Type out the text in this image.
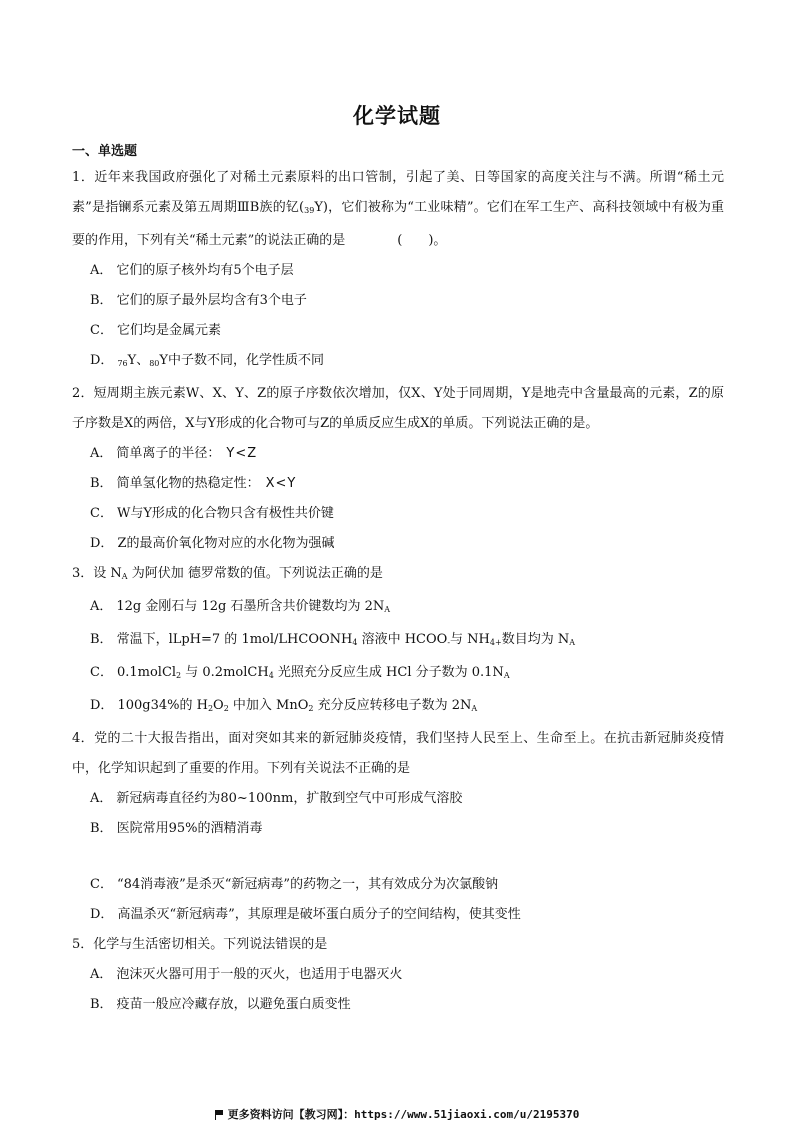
化学试题
一、单选题

1．近年来我国政府强化了对稀土元素原料的出口管制，引起了美、日等国家的高度关注与不满。所谓“稀土元素”是指镧系元素及第五周期ⅢB族的钇$(_{39}Y)$，它们被称为“工业味精”。它们在军工生产、高科技领域中有极为重要的作用，下列有关“稀土元素”的说法正确的是　　　　(　　)。

A． 它们的原子核外均有5个电子层

B． 它们的原子最外层均含有3个电子

C． 它们均是金属元素

D． $_{76}$Y、$_{80}$Y中子数不同，化学性质不同

2．短周期主族元素W、X、Y、Z的原子序数依次增加，仅X、Y处于同周期，Y是地壳中含量最高的元素，Z的原子序数是X的两倍，X与Y形成的化合物可与Z的单质反应生成X的单质。下列说法正确的是。

A． 简单离子的半径： Y<Z

B． 简单氢化物的热稳定性： X<Y

C． W与Y形成的化合物只含有极性共价键

D． Z的最高价氧化物对应的水化物为强碱

3．设 $N_A$ 为阿伏加 德罗常数的值。下列说法正确的是

A． 12g 金刚石与 12g 石墨所含共价键数均为 $2N_A$

B． 常温下，lLpH=7 的 $1mol/LHCOONH_4$ 溶液中 $HCOO_-$与 $NH_{4+}$数目均为 $N_A$

C． 0.1molCl$_2$ 与 0.2molCH$_4$ 光照充分反应生成 HCl 分子数为 $0.1N_A$

D． 100g34%的 $H_2O_2$ 中加入 MnO$_2$ 充分反应转移电子数为 $2N_A$

4．党的二十大报告指出，面对突如其来的新冠肺炎疫情，我们坚持人民至上、生命至上。在抗击新冠肺炎疫情中，化学知识起到了重要的作用。下列有关说法不正确的是

A． 新冠病毒直径约为80~100nm，扩散到空气中可形成气溶胶

B． 医院常用95%的酒精消毒

C． “84消毒液”是杀灭“新冠病毒”的药物之一，其有效成分为次氯酸钠

D． 高温杀灭“新冠病毒”，其原理是破坏蛋白质分子的空间结构，使其变性

5．化学与生活密切相关。下列说法错误的是

A． 泡沫灭火器可用于一般的灭火，也适用于电器灭火

B． 疫苗一般应冷藏存放，以避免蛋白质变性

更多资料访问【教习网】：https://www.51jiaoxi.com/u/2195370
